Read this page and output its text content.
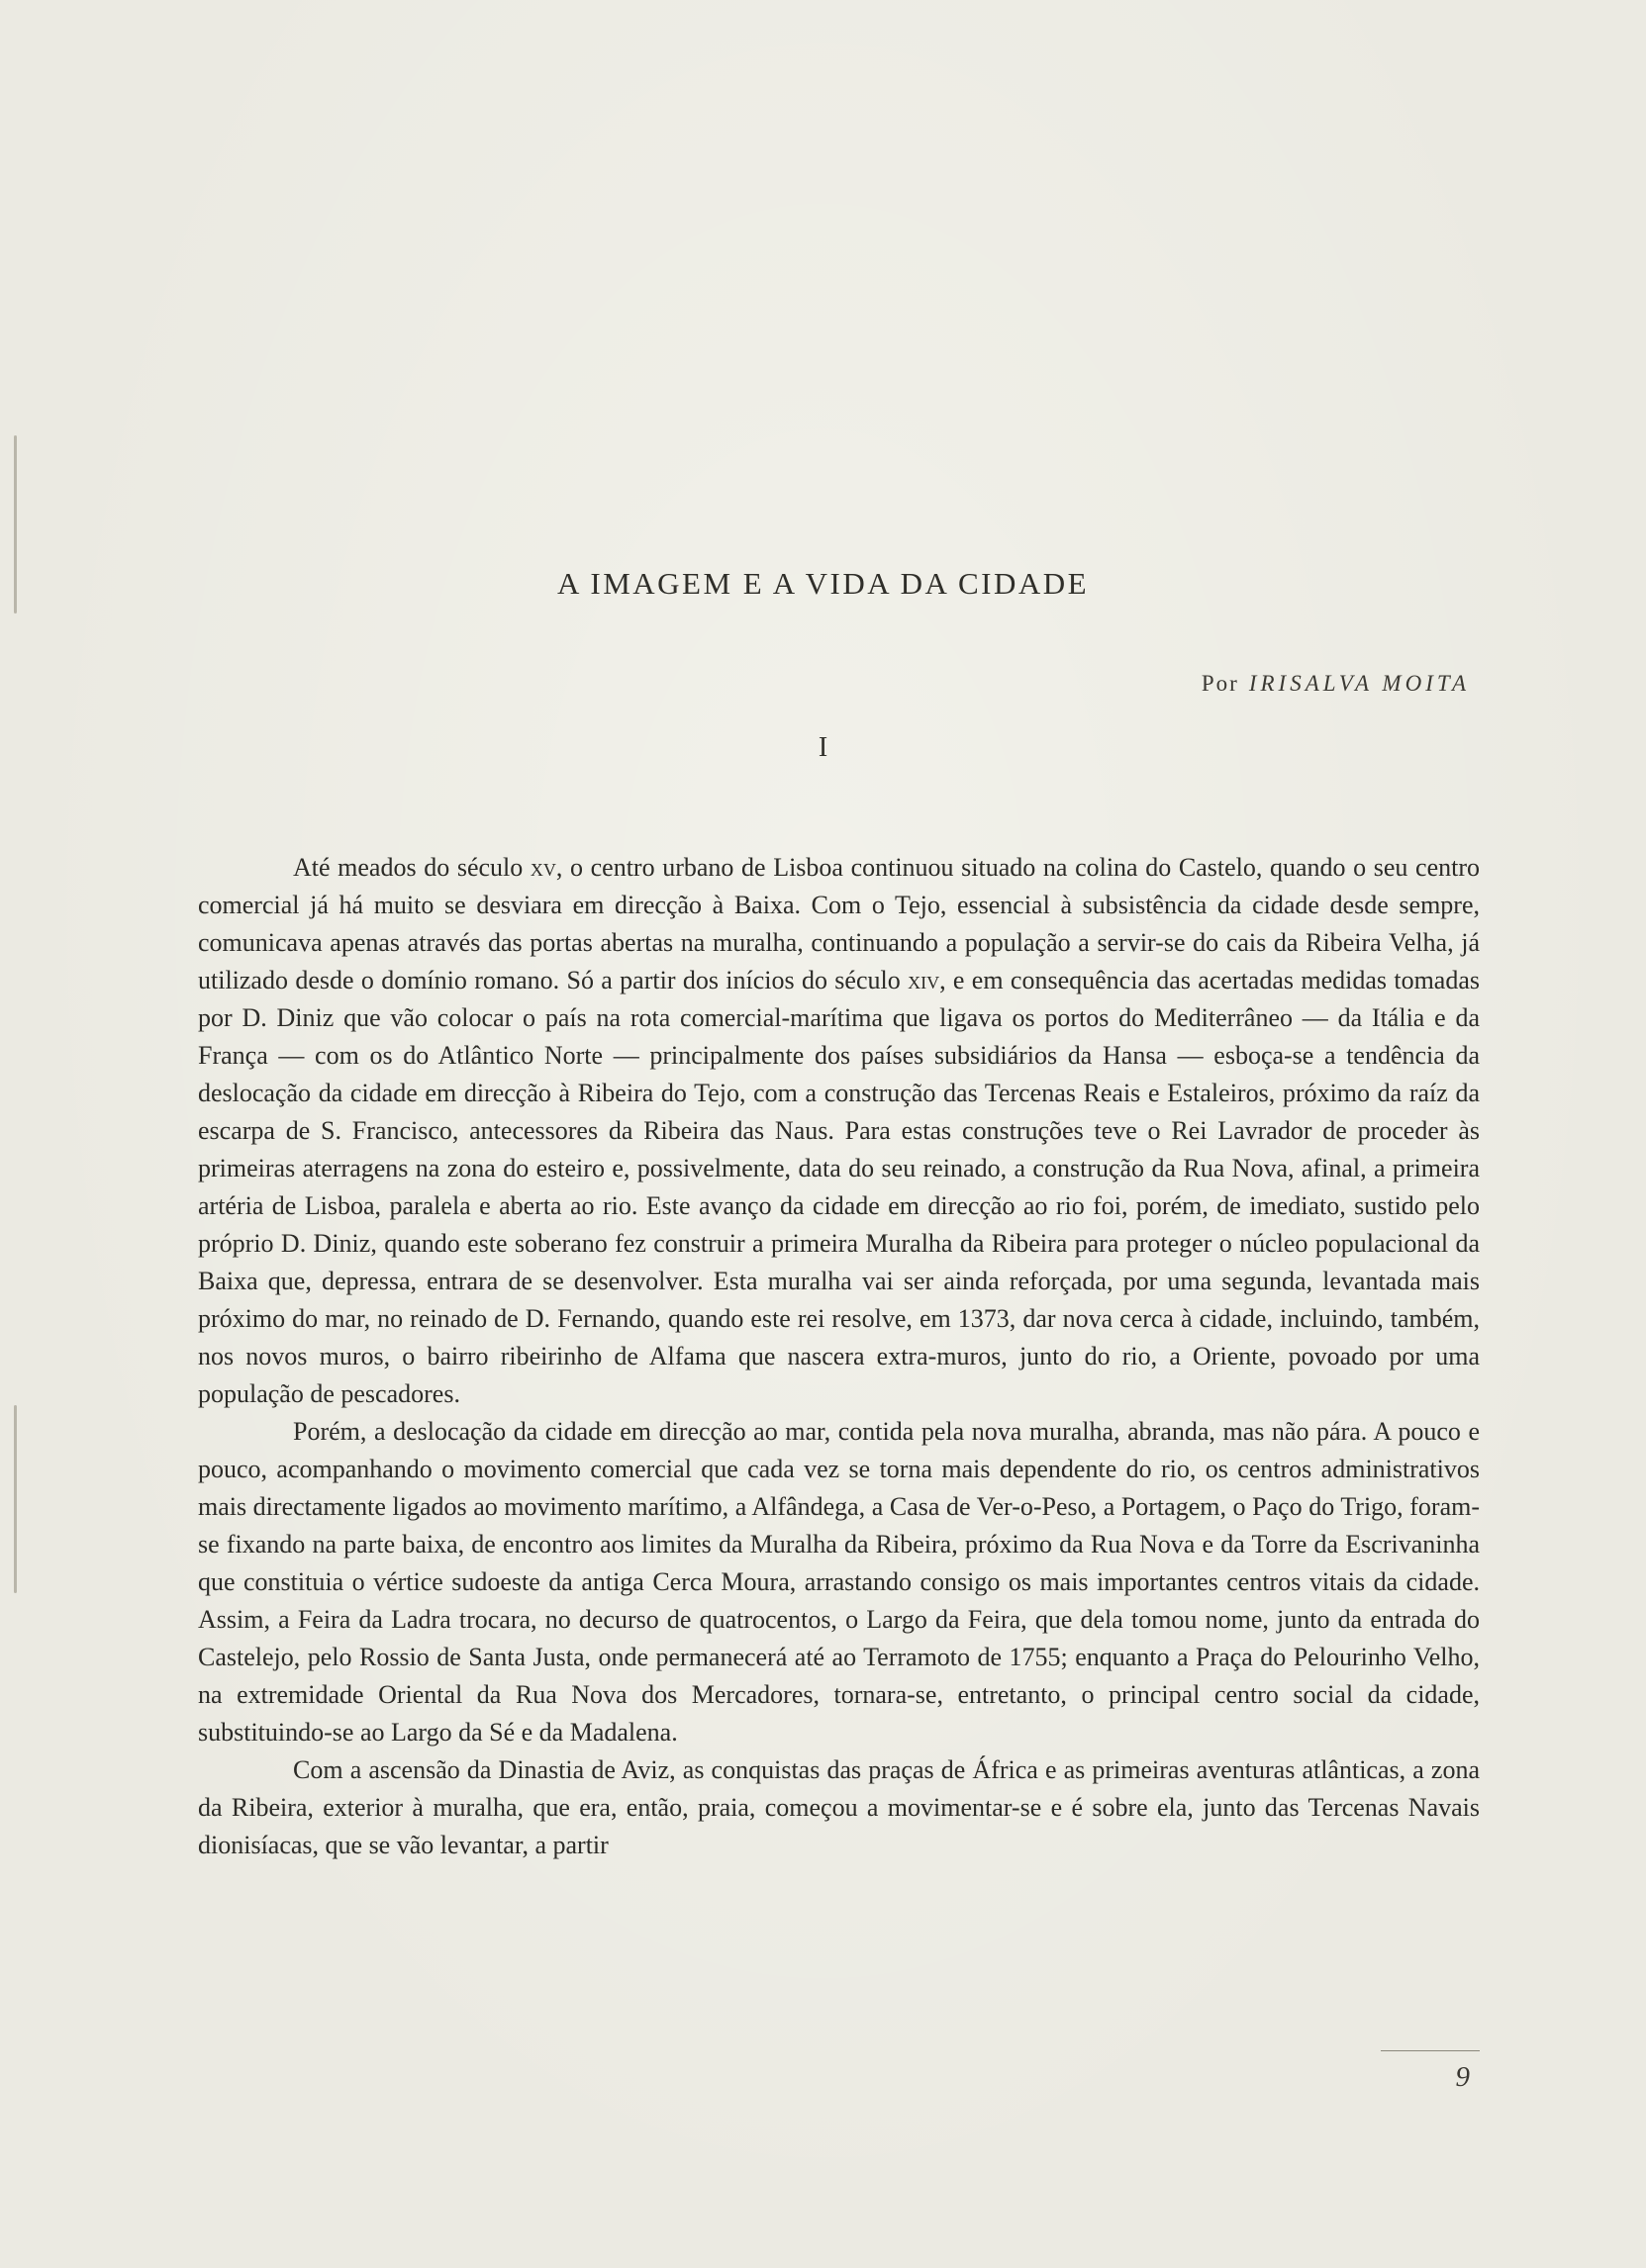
A IMAGEM E A VIDA DA CIDADE
Por IRISALVA MOITA
I

Até meados do século xv, o centro urbano de Lisboa continuou situado na colina do Castelo, quando o seu centro comercial já há muito se desviara em direcção à Baixa. Com o Tejo, essencial à subsistência da cidade desde sempre, comunicava apenas através das portas abertas na muralha, continuando a população a servir-se do cais da Ribeira Velha, já utilizado desde o domínio romano. Só a partir dos inícios do século xiv, e em consequência das acertadas medidas tomadas por D. Diniz que vão colocar o país na rota comercial-marítima que ligava os portos do Mediterrâneo — da Itália e da França — com os do Atlântico Norte — principalmente dos países subsidiários da Hansa — esboça-se a tendência da deslocação da cidade em direcção à Ribeira do Tejo, com a construção das Tercenas Reais e Estaleiros, próximo da raíz da escarpa de S. Francisco, antecessores da Ribeira das Naus. Para estas construções teve o Rei Lavrador de proceder às primeiras aterragens na zona do esteiro e, possivelmente, data do seu reinado, a construção da Rua Nova, afinal, a primeira artéria de Lisboa, paralela e aberta ao rio. Este avanço da cidade em direcção ao rio foi, porém, de imediato, sustido pelo próprio D. Diniz, quando este soberano fez construir a primeira Muralha da Ribeira para proteger o núcleo populacional da Baixa que, depressa, entrara de se desenvolver. Esta muralha vai ser ainda reforçada, por uma segunda, levantada mais próximo do mar, no reinado de D. Fernando, quando este rei resolve, em 1373, dar nova cerca à cidade, incluindo, também, nos novos muros, o bairro ribeirinho de Alfama que nascera extra-muros, junto do rio, a Oriente, povoado por uma população de pescadores.

Porém, a deslocação da cidade em direcção ao mar, contida pela nova muralha, abranda, mas não pára. A pouco e pouco, acompanhando o movimento comercial que cada vez se torna mais dependente do rio, os centros administrativos mais directamente ligados ao movimento marítimo, a Alfândega, a Casa de Ver-o-Peso, a Portagem, o Paço do Trigo, foram-se fixando na parte baixa, de encontro aos limites da Muralha da Ribeira, próximo da Rua Nova e da Torre da Escrivaninha que constituia o vértice sudoeste da antiga Cerca Moura, arrastando consigo os mais importantes centros vitais da cidade. Assim, a Feira da Ladra trocara, no decurso de quatrocentos, o Largo da Feira, que dela tomou nome, junto da entrada do Castelejo, pelo Rossio de Santa Justa, onde permanecerá até ao Terramoto de 1755; enquanto a Praça do Pelourinho Velho, na extremidade Oriental da Rua Nova dos Mercadores, tornara-se, entretanto, o principal centro social da cidade, substituindo-se ao Largo da Sé e da Madalena.

Com a ascensão da Dinastia de Aviz, as conquistas das praças de África e as primeiras aventuras atlânticas, a zona da Ribeira, exterior à muralha, que era, então, praia, começou a movimentar-se e é sobre ela, junto das Tercenas Navais dionisíacas, que se vão levantar, a partir

9
